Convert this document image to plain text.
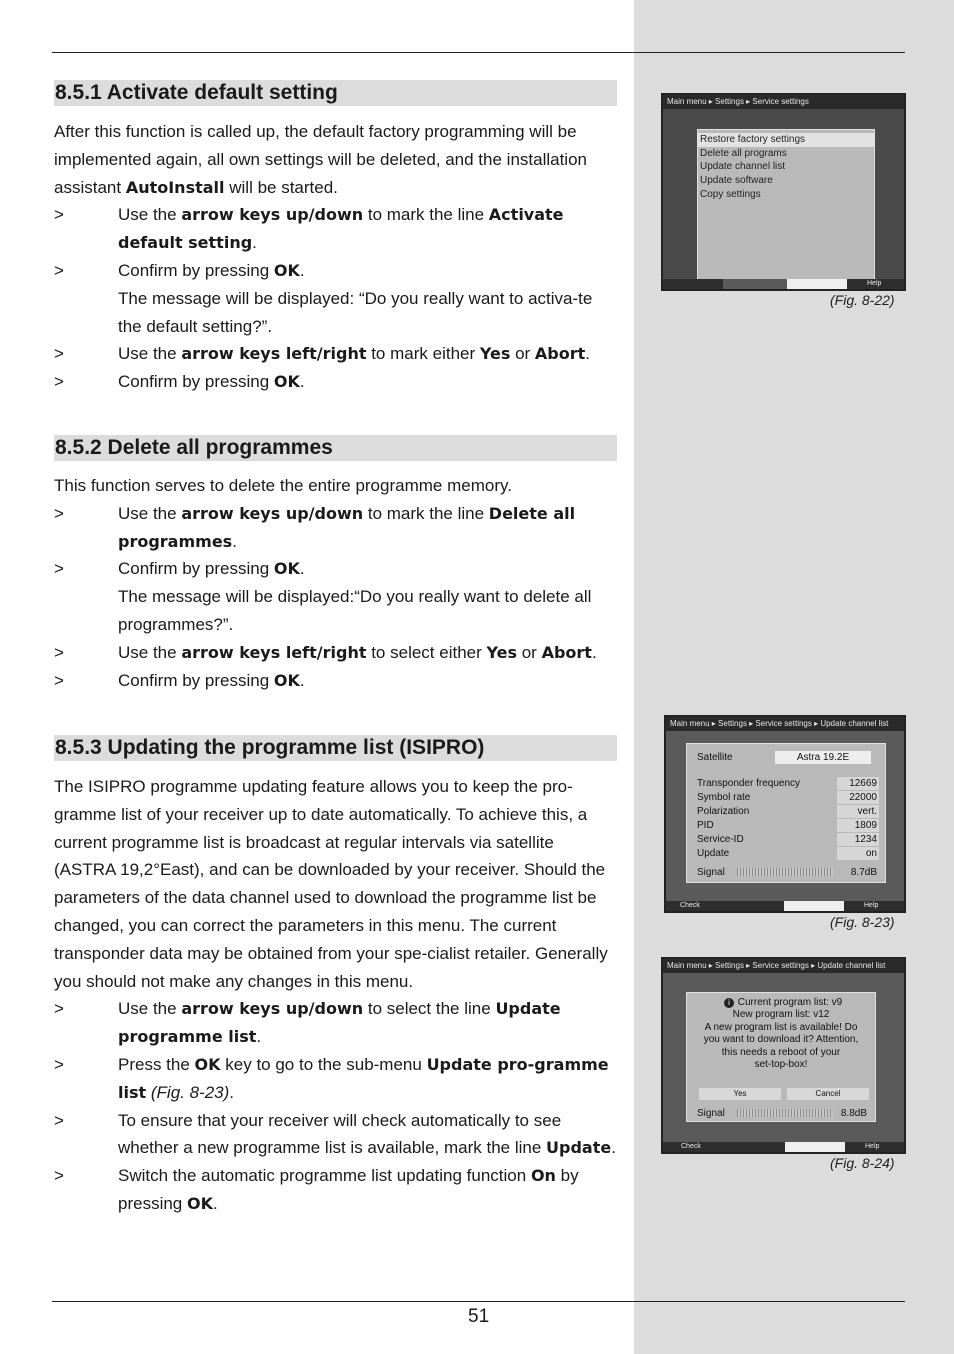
8.5.1 Activate default setting

After this function is called up, the default factory programming will be implemented again, all own settings will be deleted, and the installation assistant AutoInstall will be started.

>	Use the arrow keys up/down to mark the line Activate default setting.
>	Confirm by pressing OK.
The message will be displayed: “Do you really want to activa-te the default setting?”.
>	Use the arrow keys left/right to mark either Yes or Abort.
>	Confirm by pressing OK.
8.5.2 Delete all programmes

This function serves to delete the entire programme memory.

>	Use the arrow keys up/down to mark the line Delete all programmes.
>	Confirm by pressing OK.
The message will be displayed:“Do you really want to delete all programmes?”.
>	Use the arrow keys left/right to select either Yes or Abort.
>	Confirm by pressing OK.
8.5.3 Updating the programme list (ISIPRO)

The ISIPRO programme updating feature allows you to keep the pro-gramme list of your receiver up to date automatically. To achieve this, a current programme list is broadcast at regular intervals via satellite (ASTRA 19,2°East), and can be downloaded by your receiver. Should the parameters of the data channel used to download the programme list be changed, you can correct the parameters in this menu. The current transponder data may be obtained from your spe-cialist retailer. Generally you should not make any changes in this menu.

>	Use the arrow keys up/down to select the line Update programme list.
>	Press the OK key to go to the sub-menu Update pro-gramme list (Fig. 8-23).
>	To ensure that your receiver will check automatically to see whether a new programme list is available, mark the line Update.
>	Switch the automatic programme list updating function On by pressing OK.
51
Main menu ▸ Settings ▸ Service settings
Restore factory settings
Delete all programs
Update channel list
Update software
Copy settings
Help
(Fig. 8-22)
Main menu ▸ Settings ▸ Service settings ▸ Update channel list
Satellite	Astra 19.2E
Transponder frequency	12669
Symbol rate	22000
Polarization	vert.
PID	1809
Service-ID	1234
Update	on
Signal	8.7dB
Check	Help
(Fig. 8-23)
Main menu ▸ Settings ▸ Service settings ▸ Update channel list
i Current program list: v9
New program list: v12
A new program list is available! Do
you want to download it? Attention,
this needs a reboot of your
set-top-box!
Yes	Cancel
Signal	8.8dB
Check	Help
(Fig. 8-24)
